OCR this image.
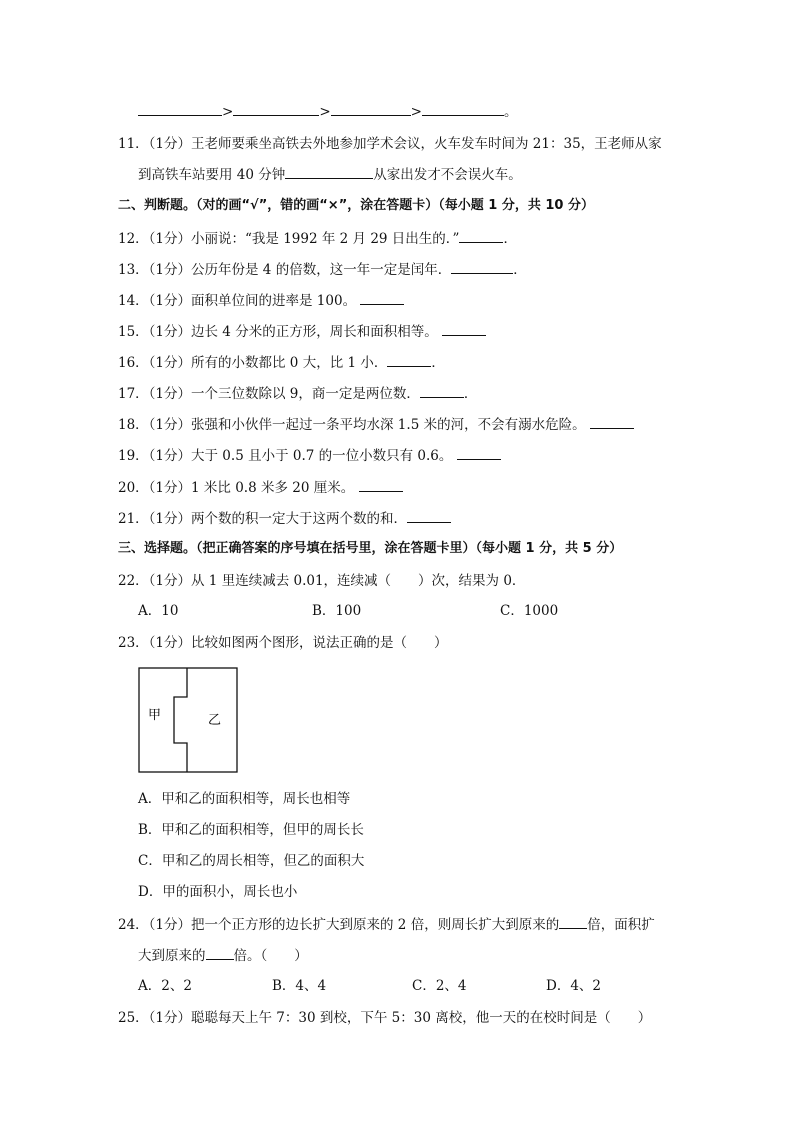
>	>	>	。
11．（1分）王老师要乘坐高铁去外地参加学术会议，火车发车时间为 21：35，王老师从家
到高铁车站要用 40 分钟	从家出发才不会误火车。
二、判断题。（对的画“√”，错的画“×”，涂在答题卡）（每小题 1 分，共 10 分）
12．（1分）小丽说：“我是 1992 年 2 月 29 日出生的．”	．
13．（1分）公历年份是 4 的倍数，这一年一定是闰年．	．
14．（1分）面积单位间的进率是 100。
15．（1分）边长 4 分米的正方形，周长和面积相等。
16．（1分）所有的小数都比 0 大，比 1 小．	．
17．（1分）一个三位数除以 9，商一定是两位数．	．
18．（1分）张强和小伙伴一起过一条平均水深 1.5 米的河，不会有溺水危险。
19．（1分）大于 0.5 且小于 0.7 的一位小数只有 0.6。
20．（1分）1 米比 0.8 米多 20 厘米。
21．（1分）两个数的积一定大于这两个数的和．
三、选择题。（把正确答案的序号填在括号里，涂在答题卡里）（每小题 1 分，共 5 分）
22．（1分）从 1 里连续减去 0.01，连续减（　　）次，结果为 0．
A．10	B．100	C．1000
23．（1分）比较如图两个图形，说法正确的是（　　）
甲	乙
A．甲和乙的面积相等，周长也相等
B．甲和乙的面积相等，但甲的周长长
C．甲和乙的周长相等，但乙的面积大
D．甲的面积小，周长也小
24．（1分）把一个正方形的边长扩大到原来的 2 倍，则周长扩大到原来的 倍，面积扩
大到原来的 倍。（　　）
A．2、2	B．4、4	C．2、4	D．4、2
25．（1分）聪聪每天上午 7：30 到校，下午 5：30 离校，他一天的在校时间是（　　）
